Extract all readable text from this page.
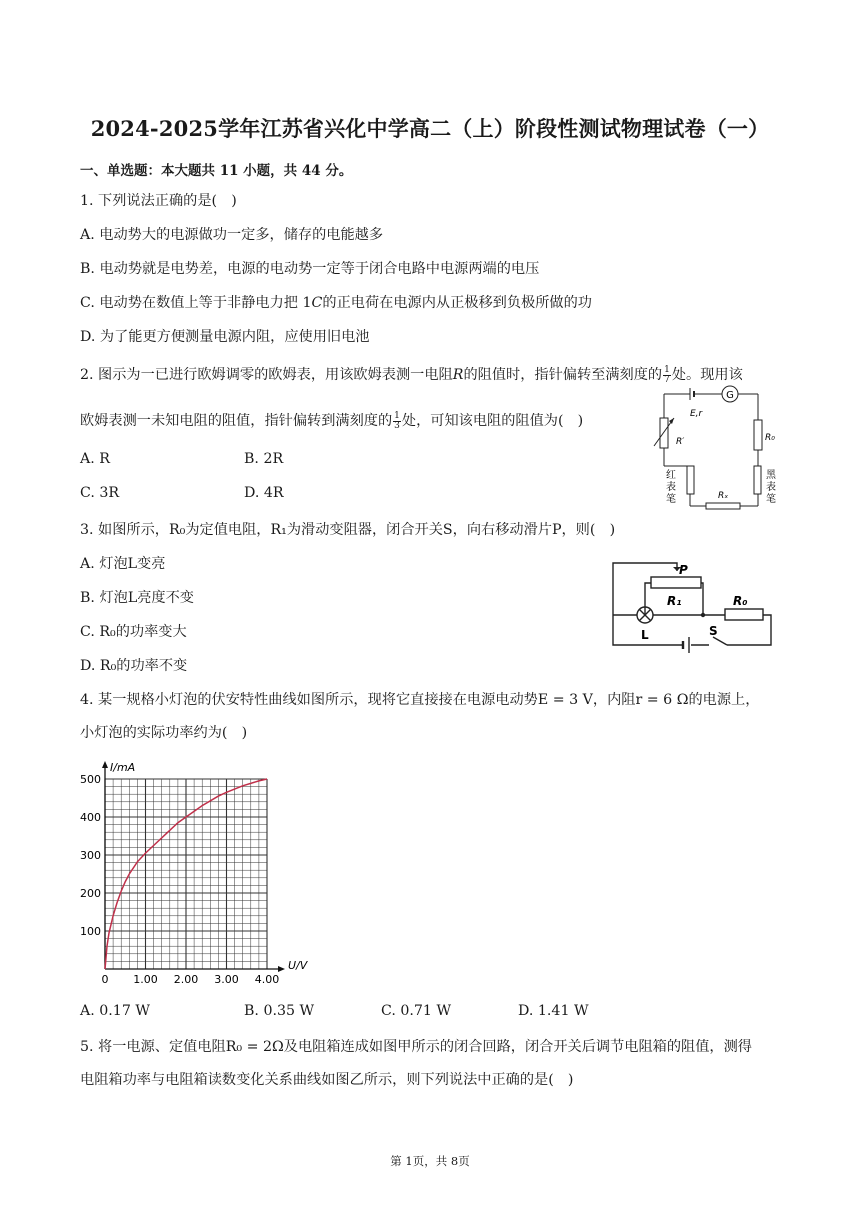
2024-2025学年江苏省兴化中学高二（上）阶段性测试物理试卷（一）
一、单选题：本大题共 11 小题，共 44 分。
1. 下列说法正确的是(　)
A. 电动势大的电源做功一定多，储存的电能越多
B. 电动势就是电势差，电源的电动势一定等于闭合电路中电源两端的电压
C. 电动势在数值上等于非静电力把 1C的正电荷在电源内从正极移到负极所做的功
D. 为了能更方便测量电源内阻，应使用旧电池
2. 图示为一已进行欧姆调零的欧姆表，用该欧姆表测一电阻R的阻值时，指针偏转至满刻度的 $\frac{1}{7}$ 处。现用该
欧姆表测一未知电阻的阻值，指针偏转到满刻度的 $\frac{1}{3}$ 处，可知该电阻的阻值为(　)
A. R	B. 2R
C. 3R	D. 4R
G
E,r
R′	R₀
Rₓ
红
表
笔
黑
表
笔
3. 如图所示，R₀为定值电阻，R₁为滑动变阻器，闭合开关S，向右移动滑片P，则(　)
A. 灯泡L变亮
B. 灯泡L亮度不变
C. R₀的功率变大
D. R₀的功率不变
P
R₁	R₀
L	S
4. 某一规格小灯泡的伏安特性曲线如图所示，现将它直接接在电源电动势E = 3 V，内阻r = 6 Ω的电源上，
小灯泡的实际功率约为(　)
0 1.00 2.00 3.00 4.00
100
200
300
400
500
I/mA
U/V
A. 0.17 W	B. 0.35 W	C. 0.71 W	D. 1.41 W
5. 将一电源、定值电阻R₀ = 2Ω及电阻箱连成如图甲所示的闭合回路，闭合开关后调节电阻箱的阻值，测得
电阻箱功率与电阻箱读数变化关系曲线如图乙所示，则下列说法中正确的是(　)
第 1页，共 8页
